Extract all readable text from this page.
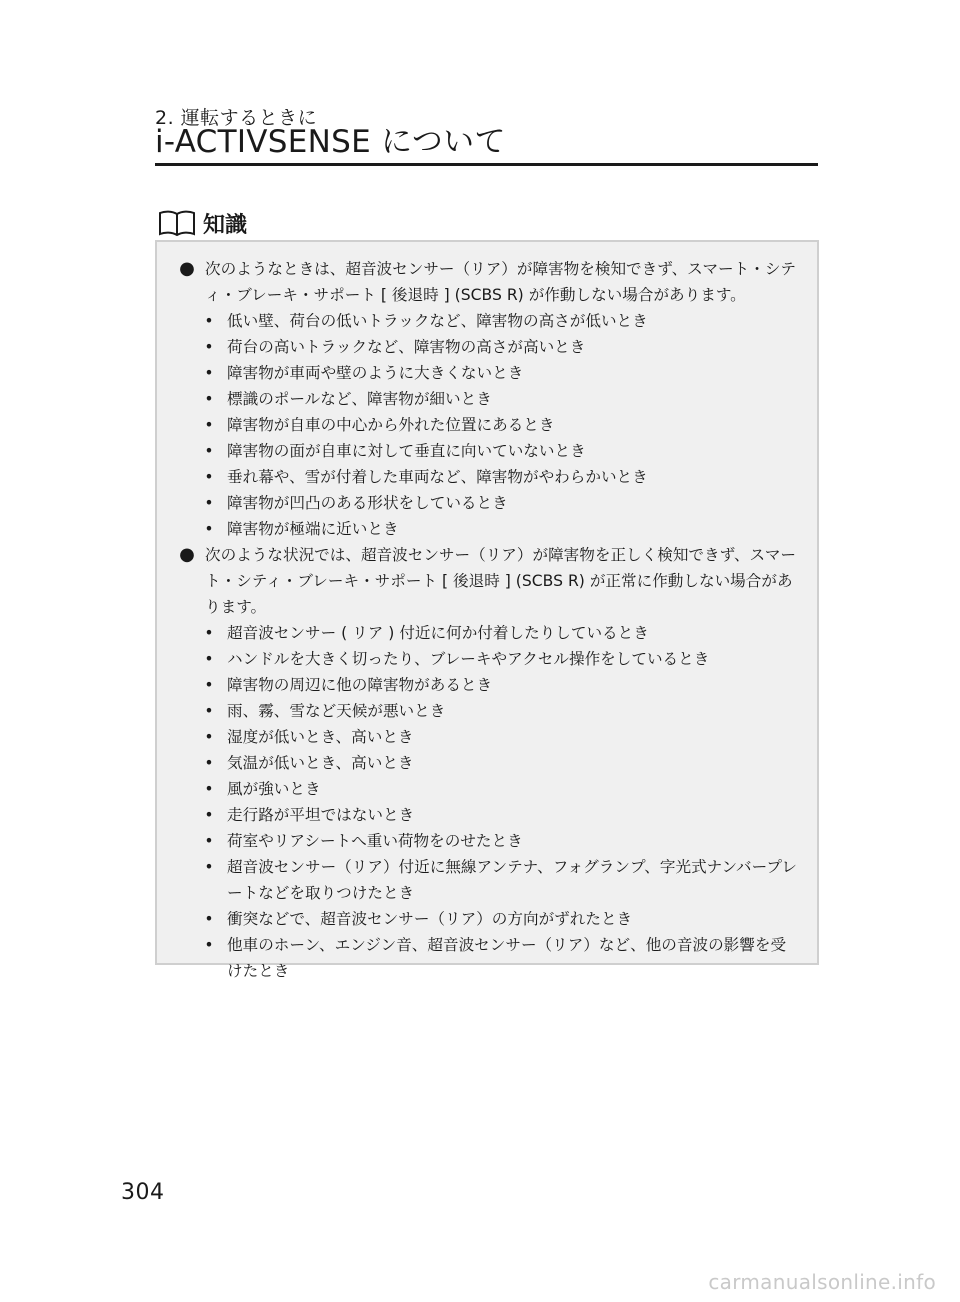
2. 運転するときに
i-ACTIVSENSE について
知識

● 次のようなときは、超音波センサー（リア）が障害物を検知できず、スマート・シティ・ブレーキ・サポート [ 後退時 ] (SCBS R) が作動しない場合があります。

• 低い壁、荷台の低いトラックなど、障害物の高さが低いとき
• 荷台の高いトラックなど、障害物の高さが高いとき
• 障害物が車両や壁のように大きくないとき
• 標識のポールなど、障害物が細いとき
• 障害物が自車の中心から外れた位置にあるとき
• 障害物の面が自車に対して垂直に向いていないとき
• 垂れ幕や、雪が付着した車両など、障害物がやわらかいとき
• 障害物が凹凸のある形状をしているとき
• 障害物が極端に近いとき

● 次のような状況では、超音波センサー（リア）が障害物を正しく検知できず、スマート・シティ・ブレーキ・サポート [ 後退時 ] (SCBS R) が正常に作動しない場合があります。

• 超音波センサー ( リア ) 付近に何か付着したりしているとき
• ハンドルを大きく切ったり、ブレーキやアクセル操作をしているとき
• 障害物の周辺に他の障害物があるとき
• 雨、霧、雪など天候が悪いとき
• 湿度が低いとき、高いとき
• 気温が低いとき、高いとき
• 風が強いとき
• 走行路が平坦ではないとき
• 荷室やリアシートへ重い荷物をのせたとき
• 超音波センサー（リア）付近に無線アンテナ、フォグランプ、字光式ナンバープレートなどを取りつけたとき
• 衝突などで、超音波センサー（リア）の方向がずれたとき
• 他車のホーン、エンジン音、超音波センサー（リア）など、他の音波の影響を受けたとき
304
carmanualsonline.info
